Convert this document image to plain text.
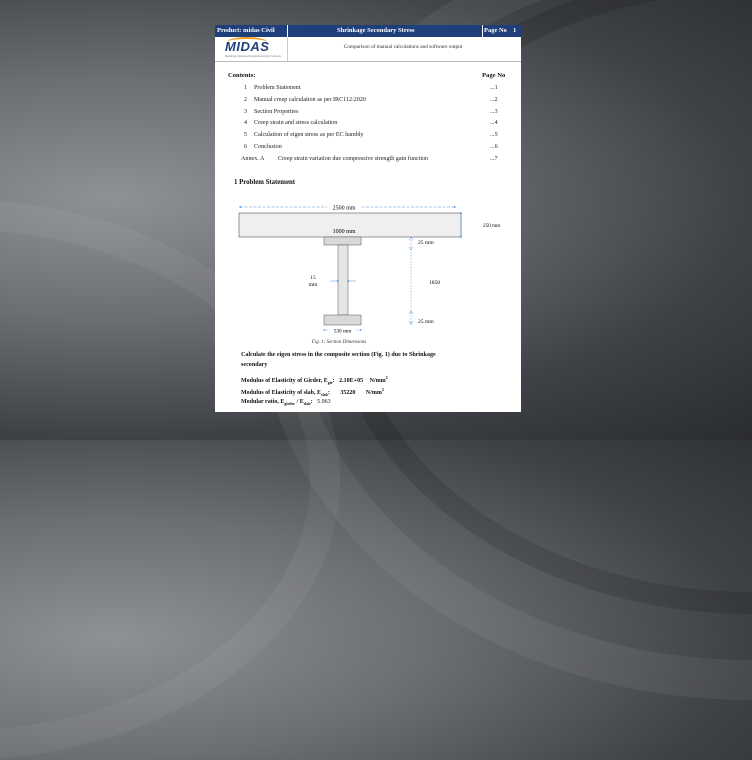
Product: midas Civil	Shrinkage Secondary Stress	Page No 1
MIDAS
Modeling, Integrated Design & Analysis Software
Comparison of manual calculations and software output
Contents:	Page No
1 Problem Statement	...1
2 Manual creep calculation as per IRC112:2020	...2
3 Section Properties	...3
4 Creep strain and stress calculation	...4
5 Calculation of eigen stress as per EC hambly	...5
6 Conclusion	...6
Annex. A Creep strain variation due compressive strength gain function	...7
1 Problem Statement
2500 mm
250 mm
1000 mm
25 mm
1850
25 mm
15
mm
530 mm
Fig. 1: Section Dimensions
Calculate the eigen stress in the composite section (Fig. 1) due to Shrinkage
secondary
Modulus of Elasticity of Girder, $E_{gir}$: 2.10E+05 $N/mm^2$
Modulus of Elasticity of slab, $E_{slab}$: 35220 $N/mm^2$
Modular ratio, $E_{girder} / E_{slab}$: 5.963
